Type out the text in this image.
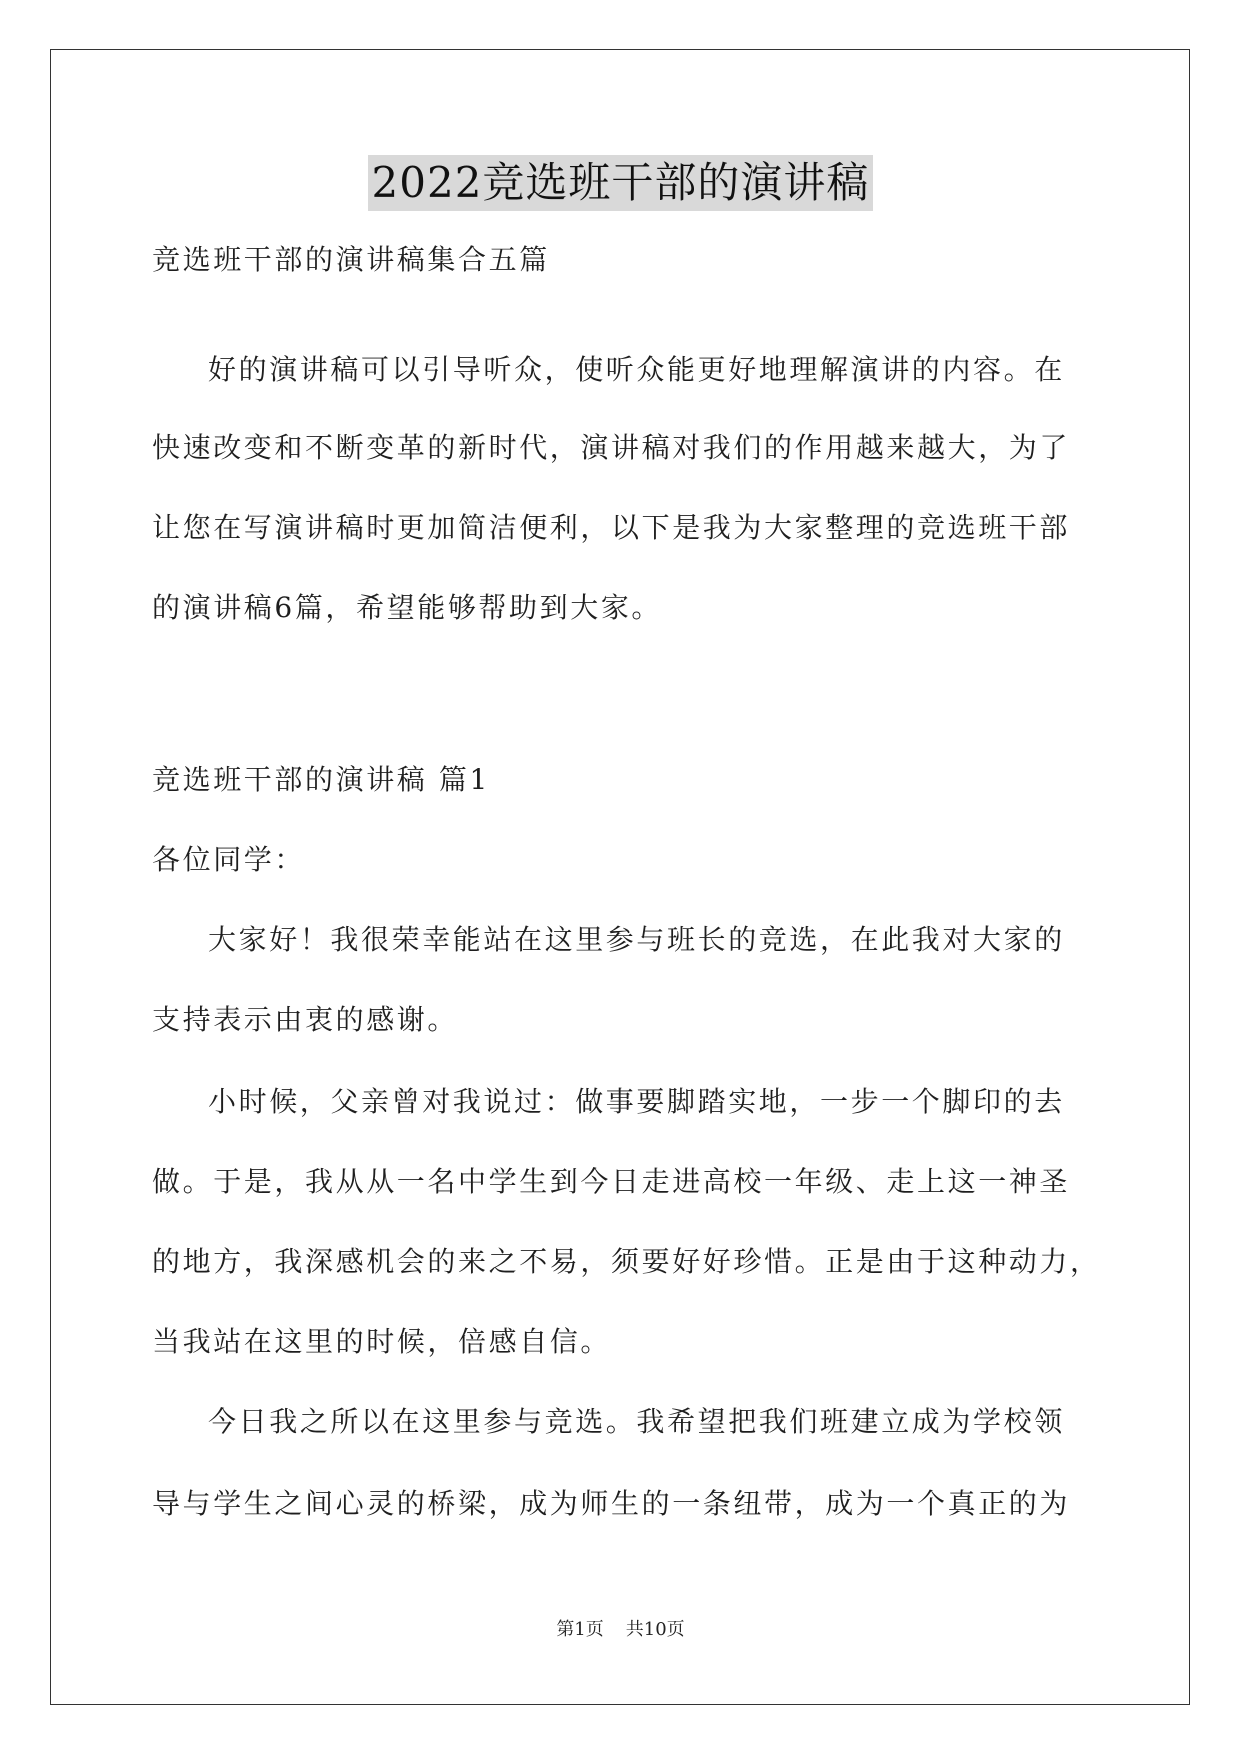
2022竞选班干部的演讲稿
竞选班干部的演讲稿集合五篇
好的演讲稿可以引导听众，使听众能更好地理解演讲的内容。在
快速改变和不断变革的新时代，演讲稿对我们的作用越来越大，为了
让您在写演讲稿时更加简洁便利，以下是我为大家整理的竞选班干部
的演讲稿6篇，希望能够帮助到大家。
竞选班干部的演讲稿 篇1
各位同学：
大家好！我很荣幸能站在这里参与班长的竞选，在此我对大家的
支持表示由衷的感谢。
小时候，父亲曾对我说过：做事要脚踏实地，一步一个脚印的去
做。于是，我从从一名中学生到今日走进高校一年级、走上这一神圣
的地方，我深感机会的来之不易，须要好好珍惜。正是由于这种动力，
当我站在这里的时候，倍感自信。
今日我之所以在这里参与竞选。我希望把我们班建立成为学校领
导与学生之间心灵的桥梁，成为师生的一条纽带，成为一个真正的为
第1页 共10页
